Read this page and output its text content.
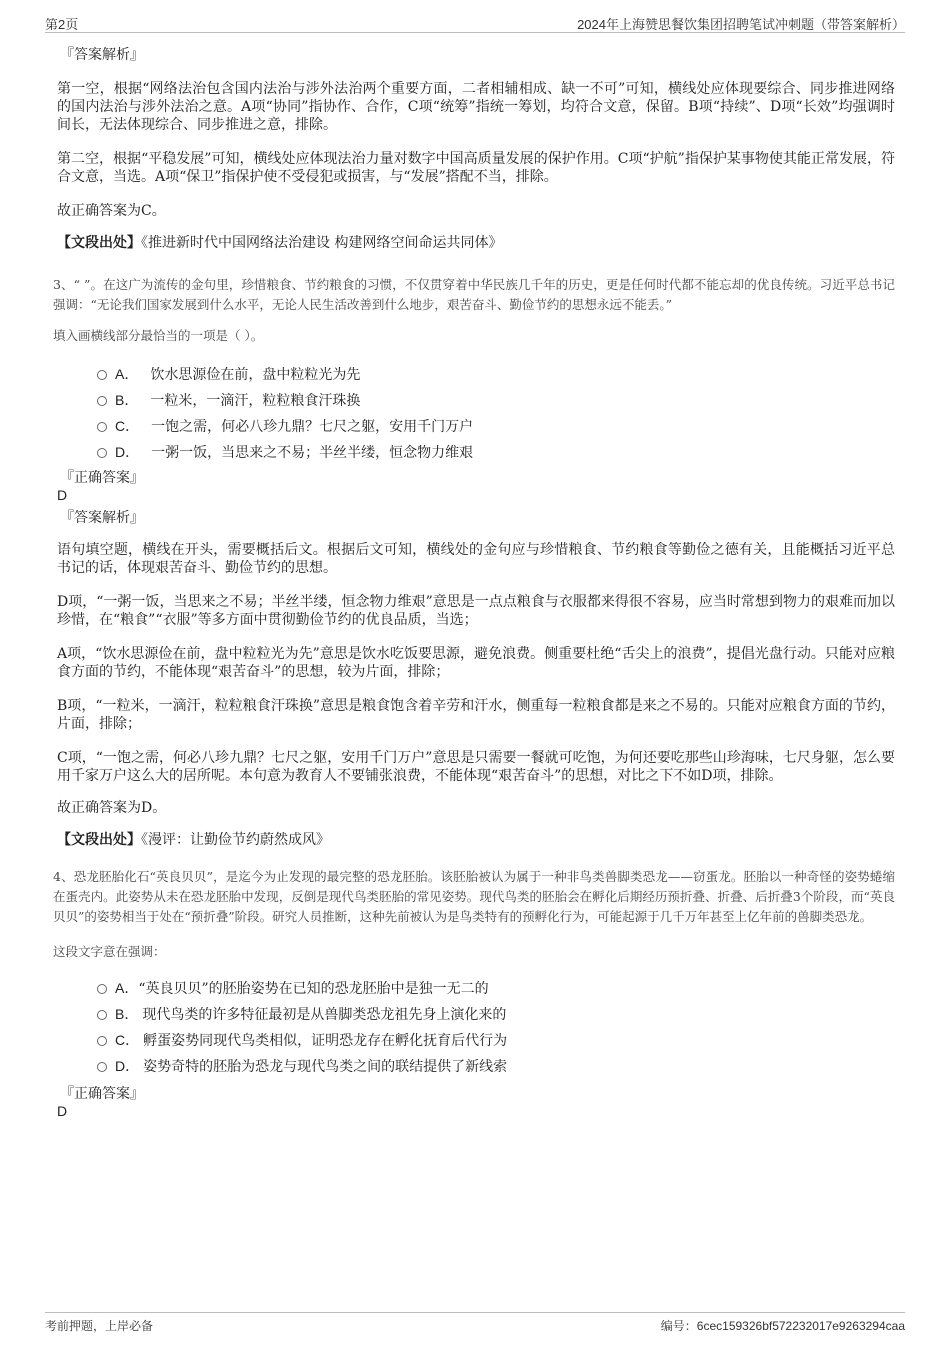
第2页	2024年上海赞思餐饮集团招聘笔试冲刺题（带答案解析）

『答案解析』

第一空，根据“网络法治包含国内法治与涉外法治两个重要方面，二者相辅相成、缺一不可”可知，横线处应体现要综合、同步推进网络的国内法治与涉外法治之意。A项“协同”指协作、合作，C项“统筹”指统一筹划，均符合文意，保留。B项“持续”、D项“长效”均强调时间长，无法体现综合、同步推进之意，排除。

第二空，根据“平稳发展”可知，横线处应体现法治力量对数字中国高质量发展的保护作用。C项“护航”指保护某事物使其能正常发展，符合文意，当选。A项“保卫”指保护使不受侵犯或损害，与“发展”搭配不当，排除。

故正确答案为C。

【文段出处】《推进新时代中国网络法治建设 构建网络空间命运共同体》

3、“ ”。在这广为流传的金句里，珍惜粮食、节约粮食的习惯，不仅贯穿着中华民族几千年的历史，更是任何时代都不能忘却的优良传统。习近平总书记强调：“无论我们国家发展到什么水平，无论人民生活改善到什么地步，艰苦奋斗、勤俭节约的思想永远不能丢。”

填入画横线部分最恰当的一项是（ ）。

A． 饮水思源俭在前，盘中粒粒光为先
B． 一粒米，一滴汗，粒粒粮食汗珠换
C． 一饱之需，何必八珍九鼎？七尺之躯，安用千门万户
D． 一粥一饭，当思来之不易；半丝半缕，恒念物力维艰

『正确答案』

D

『答案解析』

语句填空题，横线在开头，需要概括后文。根据后文可知，横线处的金句应与珍惜粮食、节约粮食等勤俭之德有关，且能概括习近平总书记的话，体现艰苦奋斗、勤俭节约的思想。

D项，“一粥一饭，当思来之不易；半丝半缕，恒念物力维艰”意思是一点点粮食与衣服都来得很不容易，应当时常想到物力的艰难而加以珍惜，在“粮食”“衣服”等多方面中贯彻勤俭节约的优良品质，当选；

A项，“饮水思源俭在前，盘中粒粒光为先”意思是饮水吃饭要思源，避免浪费。侧重要杜绝“舌尖上的浪费”，提倡光盘行动。只能对应粮食方面的节约，不能体现“艰苦奋斗”的思想，较为片面，排除；

B项，“一粒米，一滴汗，粒粒粮食汗珠换”意思是粮食饱含着辛劳和汗水，侧重每一粒粮食都是来之不易的。只能对应粮食方面的节约，片面，排除；

C项，“一饱之需，何必八珍九鼎？七尺之躯，安用千门万户”意思是只需要一餐就可吃饱，为何还要吃那些山珍海味，七尺身躯，怎么要用千家万户这么大的居所呢。本句意为教育人不要铺张浪费，不能体现“艰苦奋斗”的思想，对比之下不如D项，排除。

故正确答案为D。

【文段出处】《漫评：让勤俭节约蔚然成风》

4、恐龙胚胎化石“英良贝贝”，是迄今为止发现的最完整的恐龙胚胎。该胚胎被认为属于一种非鸟类兽脚类恐龙——窃蛋龙。胚胎以一种奇怪的姿势蜷缩在蛋壳内。此姿势从未在恐龙胚胎中发现，反倒是现代鸟类胚胎的常见姿势。现代鸟类的胚胎会在孵化后期经历预折叠、折叠、后折叠3个阶段，而“英良贝贝”的姿势相当于处在“预折叠”阶段。研究人员推断，这种先前被认为是鸟类特有的预孵化行为，可能起源于几千万年甚至上亿年前的兽脚类恐龙。

这段文字意在强调：

A．“英良贝贝”的胚胎姿势在已知的恐龙胚胎中是独一无二的
B． 现代鸟类的许多特征最初是从兽脚类恐龙祖先身上演化来的
C． 孵蛋姿势同现代鸟类相似，证明恐龙存在孵化抚育后代行为
D． 姿势奇特的胚胎为恐龙与现代鸟类之间的联结提供了新线索

『正确答案』

D

考前押题，上岸必备	编号：6cec159326bf572232017e9263294caa
